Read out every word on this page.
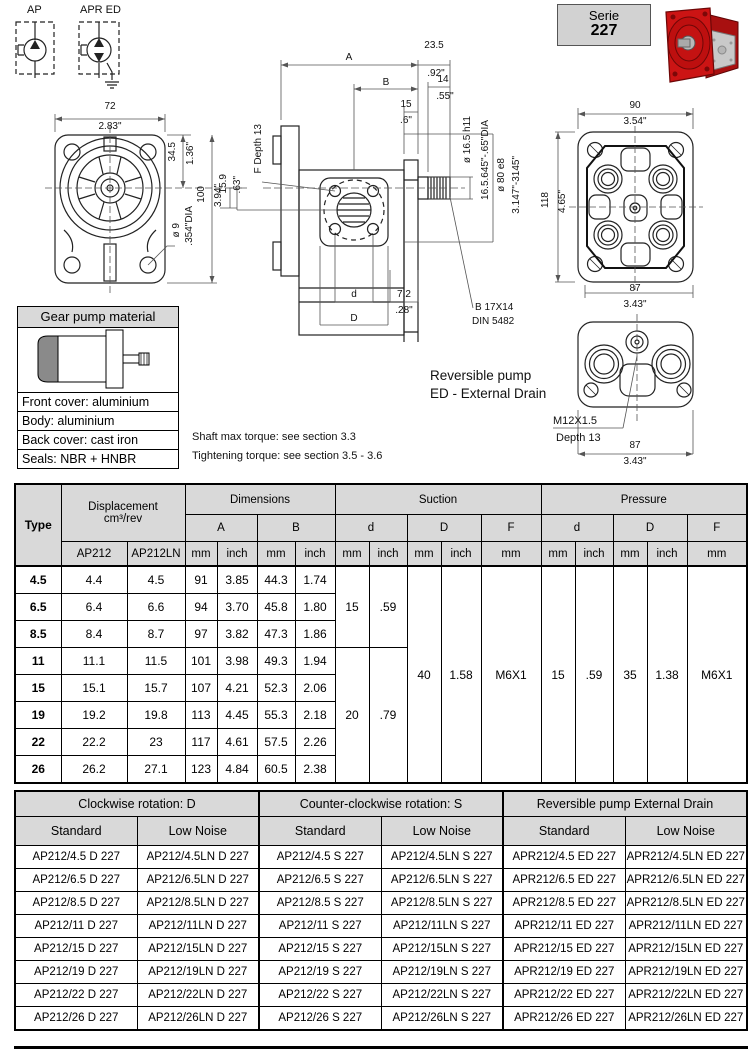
AP	APR ED	Serie
227
72
2.83"
34.5 1.36"
100 3.94"
15.9 .63"
ø 9 .354"DIA
A
23.5
.92"
14
.55"
B
15
.6"
F Depth 13	ø 16.5 h11 16.5.645"-.65"DIA ø 80 e8 3.147"-3145"
d
D
7.2
.28"	B 17X14
DIN 5482
90
3.54"
118 4.65"
87
3.43"
M12X1.5
Depth 13
87
3.43"
Reversible pump
ED - External Drain
Gear pump material
Front cover: aluminium
Body: aluminium
Back cover: cast iron
Seals: NBR + HNBR
Shaft max torque: see section 3.3
Tightening torque: see section 3.5 - 3.6
Type	Displacement
cm³/rev		Dimensions				Suction					Pressure				
			A		B		d		D		F	d		D		F
	AP212	AP212LN	mm	inch	mm	inch	mm	inch	mm	inch	mm	mm	inch	mm	inch	mm
4.5	4.4	4.5	91	3.85	44.3	1.74	15	.59	40	1.58	M6X1	15	.59	35	1.38	M6X1
6.5	6.4	6.6	94	3.70	45.8	1.80										
8.5	8.4	8.7	97	3.82	47.3	1.86										
11	11.1	11.5	101	3.98	49.3	1.94	20	.79								
15	15.1	15.7	107	4.21	52.3	2.06										
19	19.2	19.8	113	4.45	55.3	2.18										
22	22.2	23	117	4.61	57.5	2.26										
26	26.2	27.1	123	4.84	60.5	2.38										
Clockwise rotation: D		Counter-clockwise rotation: S		Reversible pump External Drain	
Standard	Low Noise	Standard	Low Noise	Standard	Low Noise
AP212/4.5 D 227	AP212/4.5LN D 227	AP212/4.5 S 227	AP212/4.5LN S 227	APR212/4.5 ED 227	APR212/4.5LN ED 227
AP212/6.5 D 227	AP212/6.5LN D 227	AP212/6.5 S 227	AP212/6.5LN S 227	APR212/6.5 ED 227	APR212/6.5LN ED 227
AP212/8.5 D 227	AP212/8.5LN D 227	AP212/8.5 S 227	AP212/8.5LN S 227	APR212/8.5 ED 227	APR212/8.5LN ED 227
AP212/11 D 227	AP212/11LN D 227	AP212/11 S 227	AP212/11LN S 227	APR212/11 ED 227	APR212/11LN ED 227
AP212/15 D 227	AP212/15LN D 227	AP212/15 S 227	AP212/15LN S 227	APR212/15 ED 227	APR212/15LN ED 227
AP212/19 D 227	AP212/19LN D 227	AP212/19 S 227	AP212/19LN S 227	APR212/19 ED 227	APR212/19LN ED 227
AP212/22 D 227	AP212/22LN D 227	AP212/22 S 227	AP212/22LN S 227	APR212/22 ED 227	APR212/22LN ED 227
AP212/26 D 227	AP212/26LN D 227	AP212/26 S 227	AP212/26LN S 227	APR212/26 ED 227	APR212/26LN ED 227
